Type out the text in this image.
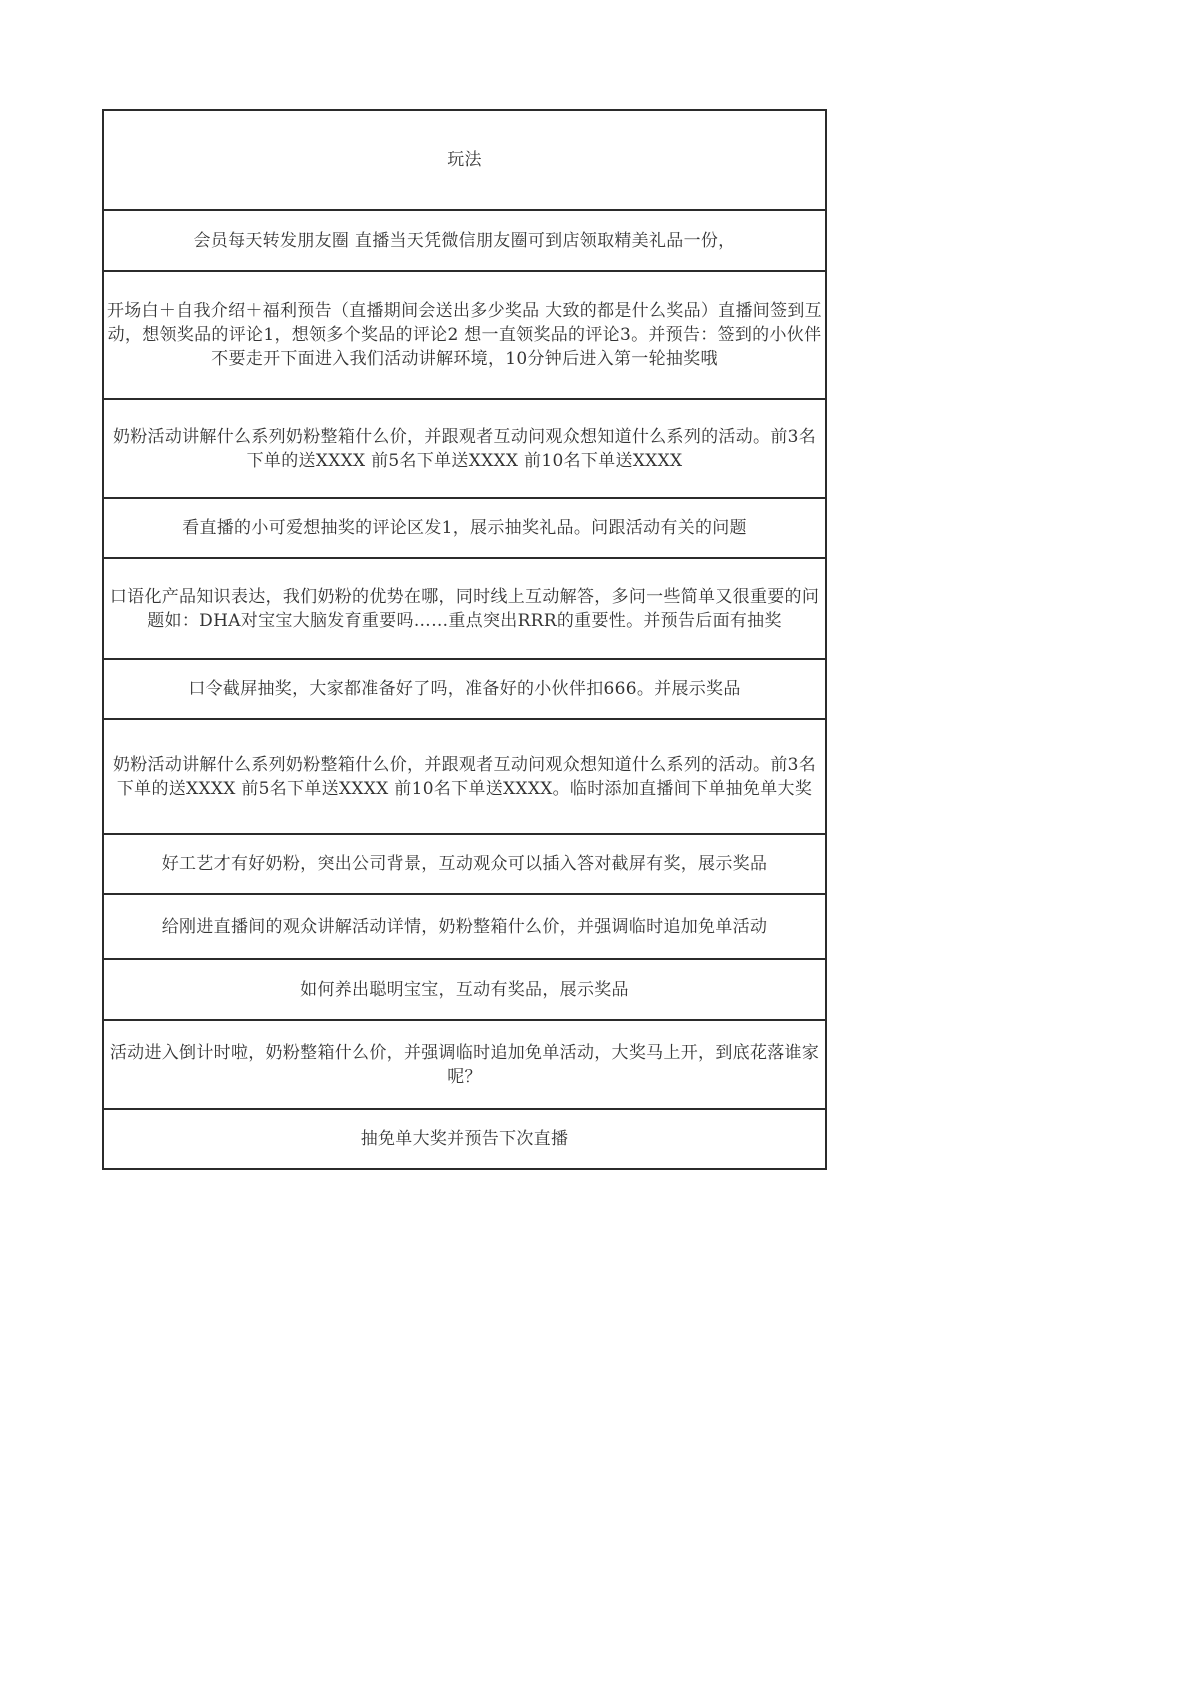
玩法
会员每天转发朋友圈 直播当天凭微信朋友圈可到店领取精美礼品一份，
开场白＋自我介绍＋福利预告（直播期间会送出多少奖品 大致的都是什么奖品）直播间签到互动，想领奖品的评论1，想领多个奖品的评论2 想一直领奖品的评论3。并预告：签到的小伙伴不要走开下面进入我们活动讲解环境，10分钟后进入第一轮抽奖哦
奶粉活动讲解什么系列奶粉整箱什么价，并跟观者互动问观众想知道什么系列的活动。前3名下单的送XXXX 前5名下单送XXXX 前10名下单送XXXX
看直播的小可爱想抽奖的评论区发1，展示抽奖礼品。问跟活动有关的问题
口语化产品知识表达，我们奶粉的优势在哪，同时线上互动解答，多问一些简单又很重要的问题如：DHA对宝宝大脑发育重要吗……重点突出RRR的重要性。并预告后面有抽奖
口令截屏抽奖，大家都准备好了吗，准备好的小伙伴扣666。并展示奖品
奶粉活动讲解什么系列奶粉整箱什么价，并跟观者互动问观众想知道什么系列的活动。前3名下单的送XXXX 前5名下单送XXXX 前10名下单送XXXX。临时添加直播间下单抽免单大奖
好工艺才有好奶粉，突出公司背景，互动观众可以插入答对截屏有奖，展示奖品
给刚进直播间的观众讲解活动详情，奶粉整箱什么价，并强调临时追加免单活动
如何养出聪明宝宝，互动有奖品，展示奖品
活动进入倒计时啦，奶粉整箱什么价，并强调临时追加免单活动，大奖马上开，到底花落谁家呢？
抽免单大奖并预告下次直播
